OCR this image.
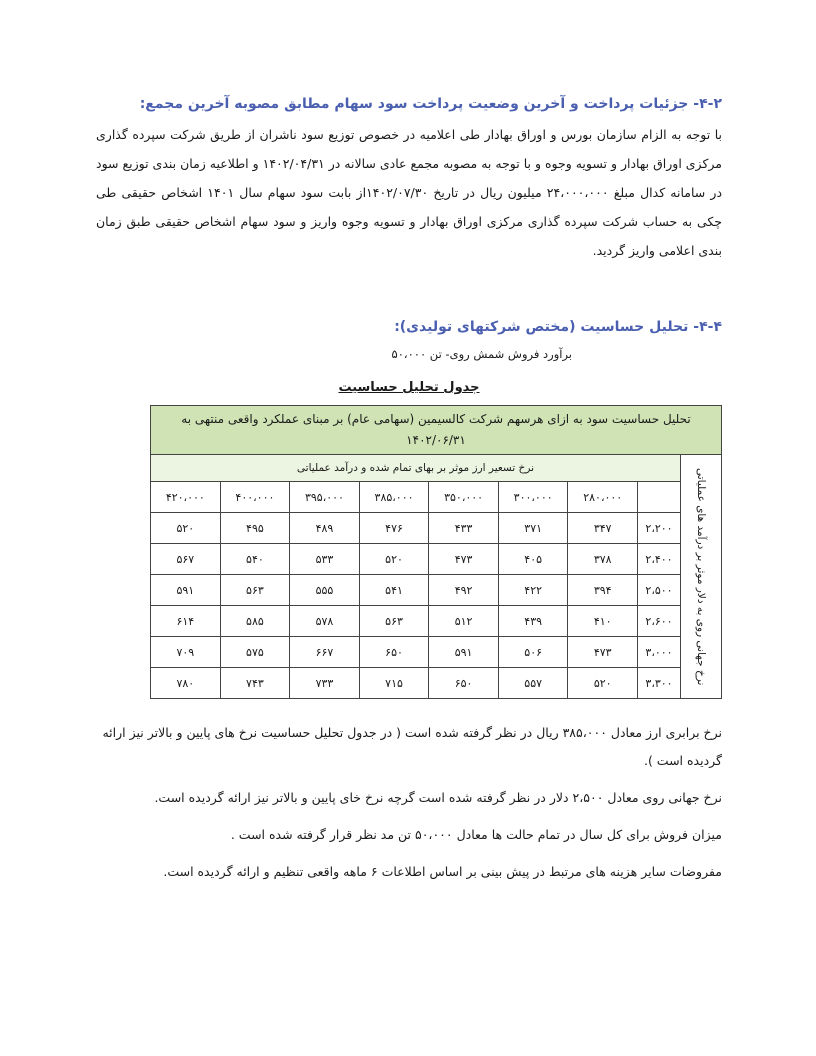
۴-۲- جزئیات پرداخت و آخرین وضعیت پرداخت سود سهام مطابق مصوبه آخرین مجمع:

با توجه به الزام سازمان بورس و اوراق بهادار طی اعلامیه در خصوص توزیع سود ناشران از طریق شرکت سپرده گذاری مرکزی اوراق بهادار و تسویه وجوه و با توجه به مصوبه مجمع عادی سالانه در ۱۴۰۲/۰۴/۳۱ و اطلاعیه زمان بندی توزیع سود در سامانه کدال مبلغ ۲۴،۰۰۰،۰۰۰ میلیون ریال در تاریخ ۱۴۰۲/۰۷/۳۰از بابت سود سهام سال ۱۴۰۱ اشخاص حقیقی طی چکی به حساب شرکت سپرده گذاری مرکزی اوراق بهادار و تسویه وجوه واریز و سود سهام اشخاص حقیقی طبق زمان بندی اعلامی واریز گردید.

۴-۴- تحلیل حساسیت (مختص شرکتهای تولیدی):

برآورد فروش شمش روی- تن ۵۰،۰۰۰

جدول تحلیل حساسیت
تحلیل حساسیت سود به ازای هرسهم شرکت کالسیمین (سهامی عام) بر مبنای عملکرد واقعی منتهی به ۱۴۰۲/۰۶/۳۱								

نرخ جهانی روی به دلار موثر بر درآمد های عملیاتی	نرخ تسعیر ارز موثر بر بهای تمام شده و درآمد عملیاتی							
		۲۸۰،۰۰۰	۳۰۰،۰۰۰	۳۵۰،۰۰۰	۳۸۵،۰۰۰	۳۹۵،۰۰۰	۴۰۰،۰۰۰	۴۲۰،۰۰۰
	۲،۲۰۰	۳۴۷	۳۷۱	۴۳۳	۴۷۶	۴۸۹	۴۹۵	۵۲۰
	۲،۴۰۰	۳۷۸	۴۰۵	۴۷۳	۵۲۰	۵۳۳	۵۴۰	۵۶۷
	۲،۵۰۰	۳۹۴	۴۲۲	۴۹۲	۵۴۱	۵۵۵	۵۶۳	۵۹۱
	۲،۶۰۰	۴۱۰	۴۳۹	۵۱۲	۵۶۳	۵۷۸	۵۸۵	۶۱۴
	۳،۰۰۰	۴۷۳	۵۰۶	۵۹۱	۶۵۰	۶۶۷	۵۷۵	۷۰۹
	۳،۳۰۰	۵۲۰	۵۵۷	۶۵۰	۷۱۵	۷۳۳	۷۴۳	۷۸۰

نرخ برابری ارز معادل ۳۸۵،۰۰۰ ریال در نظر گرفته شده است ( در جدول تحلیل حساسیت نرخ های پایین و بالاتر نیز ارائه گردیده است ).

نرخ جهانی روی معادل ۲،۵۰۰ دلار در نظر گرفته شده است گرچه نرخ خای پایین و بالاتر نیز ارائه گردیده است.

میزان فروش برای کل سال در تمام حالت ها معادل ۵۰،۰۰۰ تن مد نظر قرار گرفته شده است .

مفروضات سایر هزینه های مرتبط در پیش بینی بر اساس اطلاعات ۶ ماهه واقعی تنظیم و ارائه گردیده است.
